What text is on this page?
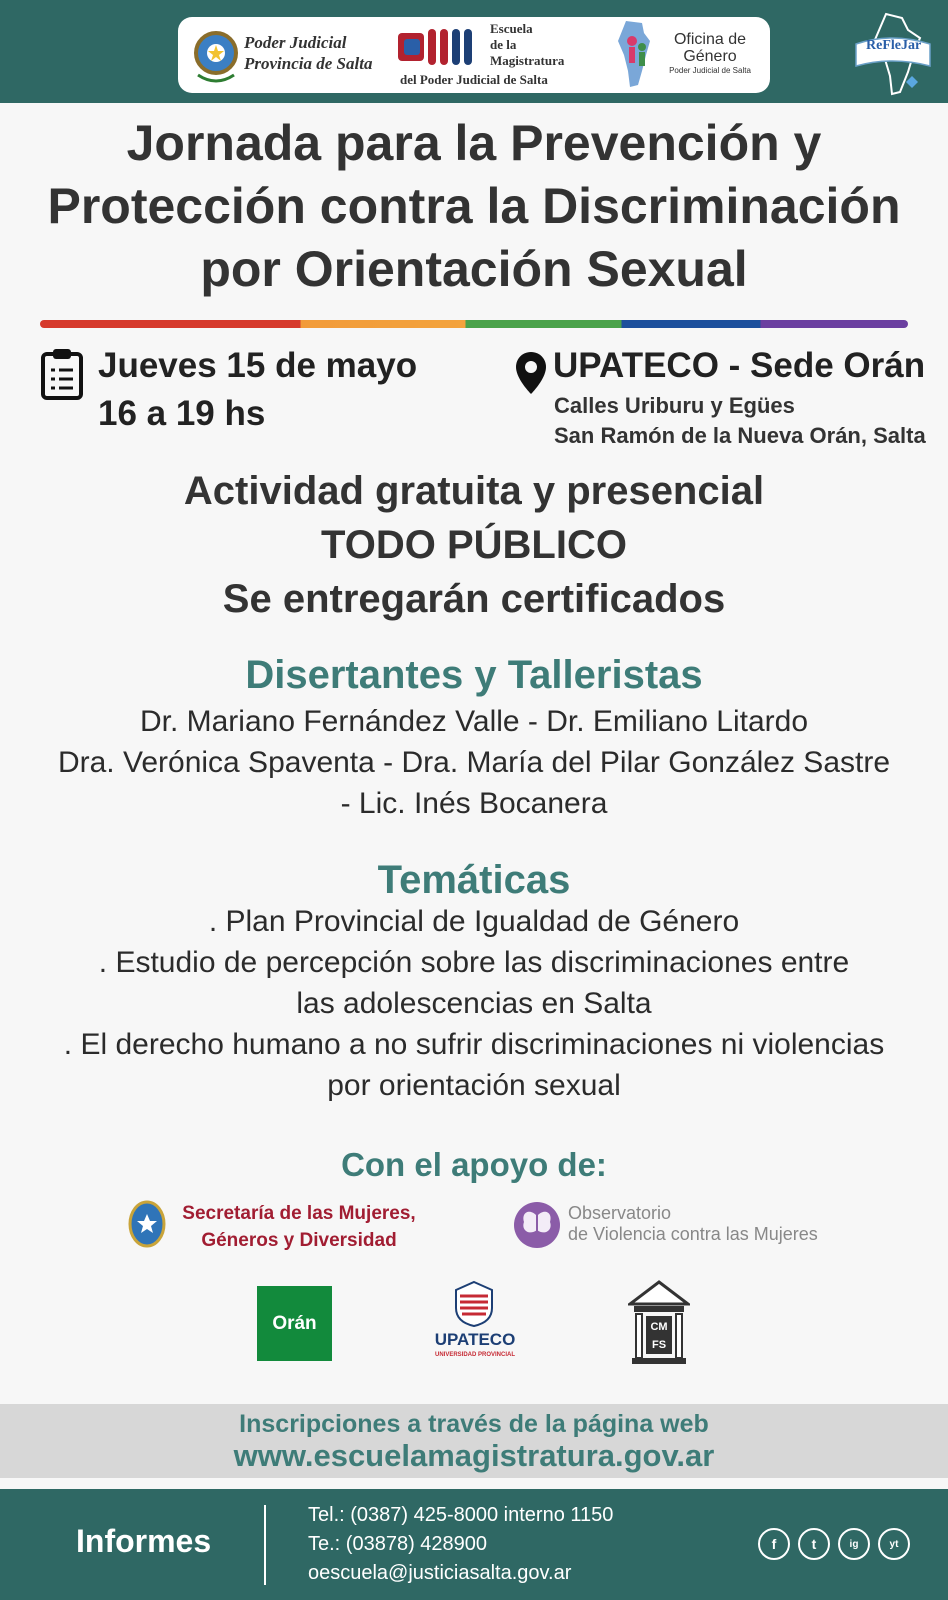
Poder Judicial
Provincia de Salta
Escuela
de la
Magistratura
del Poder Judicial de Salta
Oficina de
Género
Poder Judicial de Salta
ReFleJar
Jornada para la Prevención y
Protección contra la Discriminación
por Orientación Sexual
Jueves 15 de mayo
16 a 19 hs
UPATECO - Sede Orán
Calles Uriburu y Egües
San Ramón de la Nueva Orán, Salta
Actividad gratuita y presencial
TODO PÚBLICO
Se entregarán certificados
Disertantes y Talleristas
Dr. Mariano Fernández Valle - Dr. Emiliano Litardo
Dra. Verónica Spaventa - Dra. María del Pilar González Sastre
- Lic. Inés Bocanera
Temáticas
. Plan Provincial de Igualdad de Género
. Estudio de percepción sobre las discriminaciones entre
las adolescencias en Salta
. El derecho humano a no sufrir discriminaciones ni violencias
por orientación sexual
Con el apoyo de:
Secretaría de las Mujeres,
Géneros y Diversidad
Observatorio
de Violencia contra las Mujeres
Orán
UPATECO
UNIVERSIDAD PROVINCIAL
CM FS
Inscripciones a través de la página web
www.escuelamagistratura.gov.ar
Informes
Tel.: (0387) 425-8000 interno 1150
Te.: (03878) 428900
oescuela@justiciasalta.gov.ar
f	t	ig	yt
